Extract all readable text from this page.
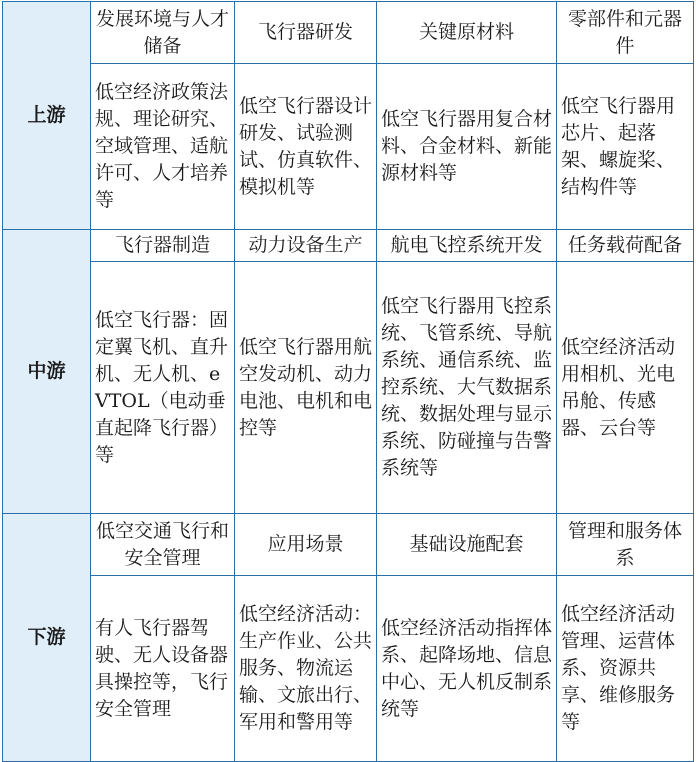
上游	发展环境与人才储备	飞行器研发	关键原材料	零部件和元器件
	低空经济政策法规、理论研究、空域管理、适航许可、人才培养等	低空飞行器设计研发、试验测试、仿真软件、模拟机等	低空飞行器用复合材料、合金材料、新能源材料等	低空飞行器用芯片、起落架、螺旋桨、结构件等
中游	飞行器制造	动力设备生产	航电飞控系统开发	任务载荷配备
	低空飞行器：固定翼飞机、直升机、无人机、eVTOL（电动垂直起降飞行器）等	低空飞行器用航空发动机、动力电池、电机和电控等	低空飞行器用飞控系统、飞管系统、导航系统、通信系统、监控系统、大气数据系统、数据处理与显示系统、防碰撞与告警系统等	低空经济活动用相机、光电吊舱、传感器、云台等
下游	低空交通飞行和安全管理	应用场景	基础设施配套	管理和服务体系
	有人飞行器驾驶、无人设备器具操控等，飞行安全管理	低空经济活动：生产作业、公共服务、物流运输、文旅出行、军用和警用等	低空经济活动指挥体系、起降场地、信息中心、无人机反制系统等	低空经济活动管理、运营体系、资源共享、维修服务等
